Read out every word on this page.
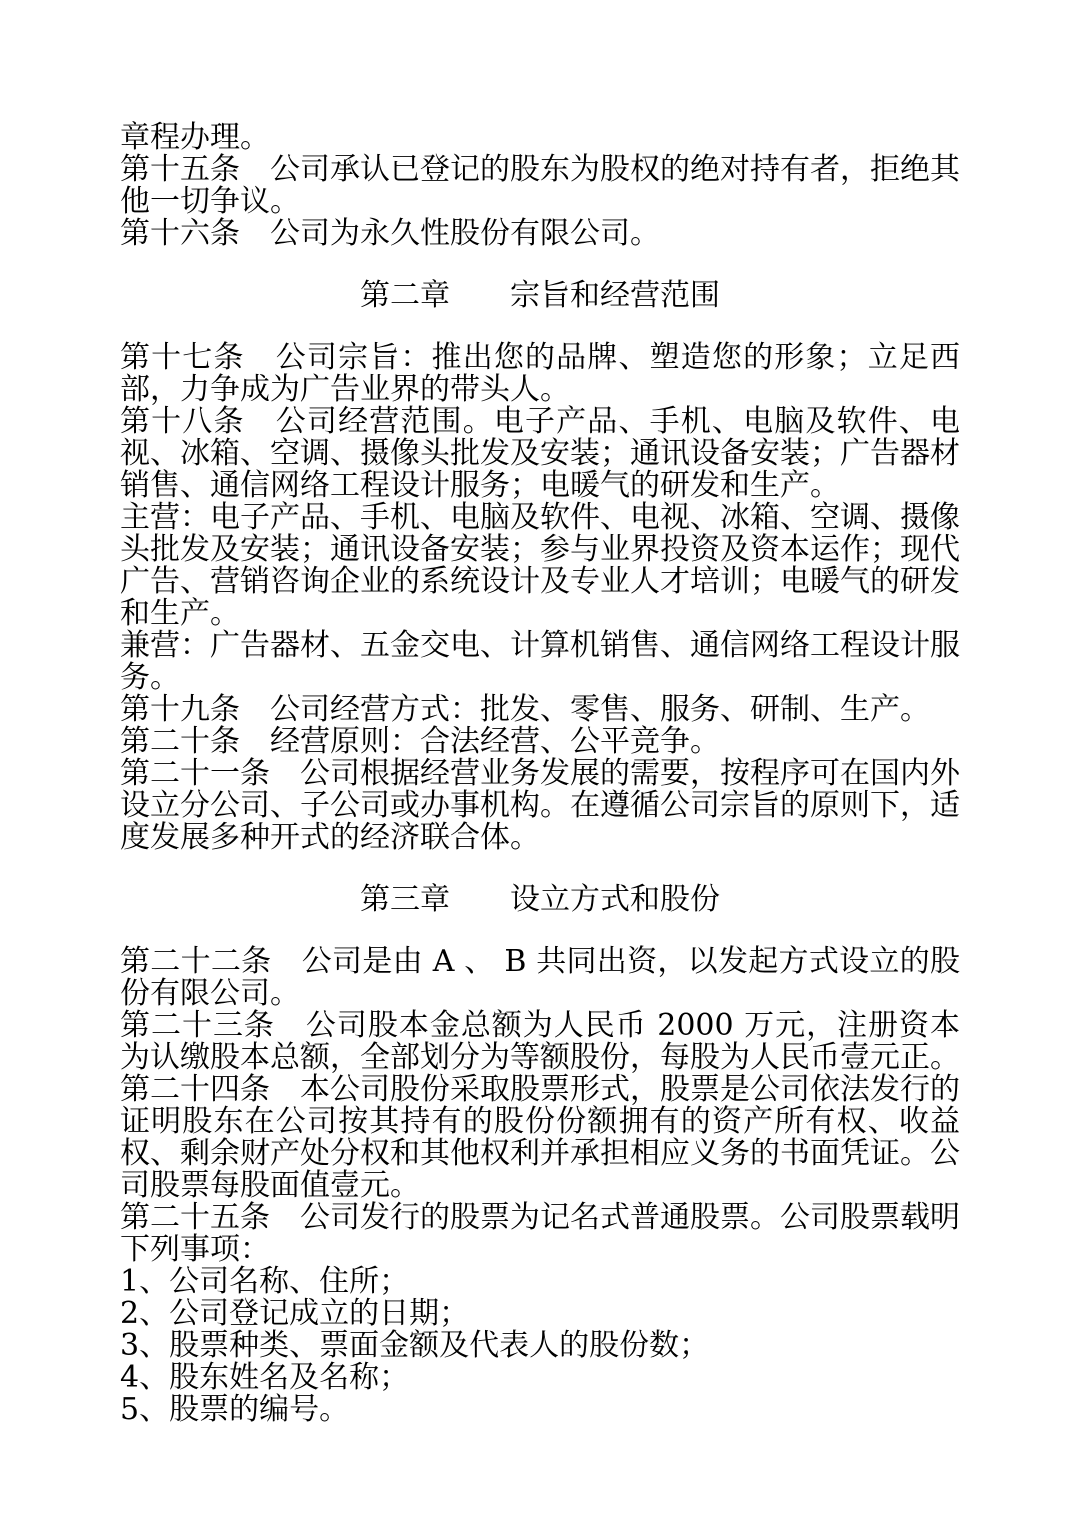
章程办理。

第十五条　公司承认已登记的股东为股权的绝对持有者，拒绝其他一切争议。

第十六条　公司为永久性股份有限公司。

第二章　　宗旨和经营范围

第十七条　公司宗旨：推出您的品牌、塑造您的形象；立足西部，力争成为广告业界的带头人。

第十八条　公司经营范围。电子产品、手机、电脑及软件、电视、冰箱、空调、摄像头批发及安装；通讯设备安装；广告器材销售、通信网络工程设计服务；电暖气的研发和生产。

主营：电子产品、手机、电脑及软件、电视、冰箱、空调、摄像头批发及安装；通讯设备安装；参与业界投资及资本运作；现代广告、营销咨询企业的系统设计及专业人才培训；电暖气的研发和生产。

兼营：广告器材、五金交电、计算机销售、通信网络工程设计服务。

第十九条　公司经营方式：批发、零售、服务、研制、生产。

第二十条　经营原则：合法经营、公平竞争。

第二十一条　公司根据经营业务发展的需要，按程序可在国内外设立分公司、子公司或办事机构。在遵循公司宗旨的原则下，适度发展多种开式的经济联合体。

第三章　　设立方式和股份

第二十二条　公司是由 A 、 B 共同出资，以发起方式设立的股份有限公司。

第二十三条　公司股本金总额为人民币 2000 万元，注册资本为认缴股本总额，全部划分为等额股份，每股为人民币壹元正。

第二十四条　本公司股份采取股票形式，股票是公司依法发行的证明股东在公司按其持有的股份份额拥有的资产所有权、收益权、剩余财产处分权和其他权利并承担相应义务的书面凭证。公司股票每股面值壹元。

第二十五条　公司发行的股票为记名式普通股票。公司股票载明下列事项：

1、公司名称、住所；

2、公司登记成立的日期；

3、股票种类、票面金额及代表人的股份数；

4、股东姓名及名称；

5、股票的编号。
